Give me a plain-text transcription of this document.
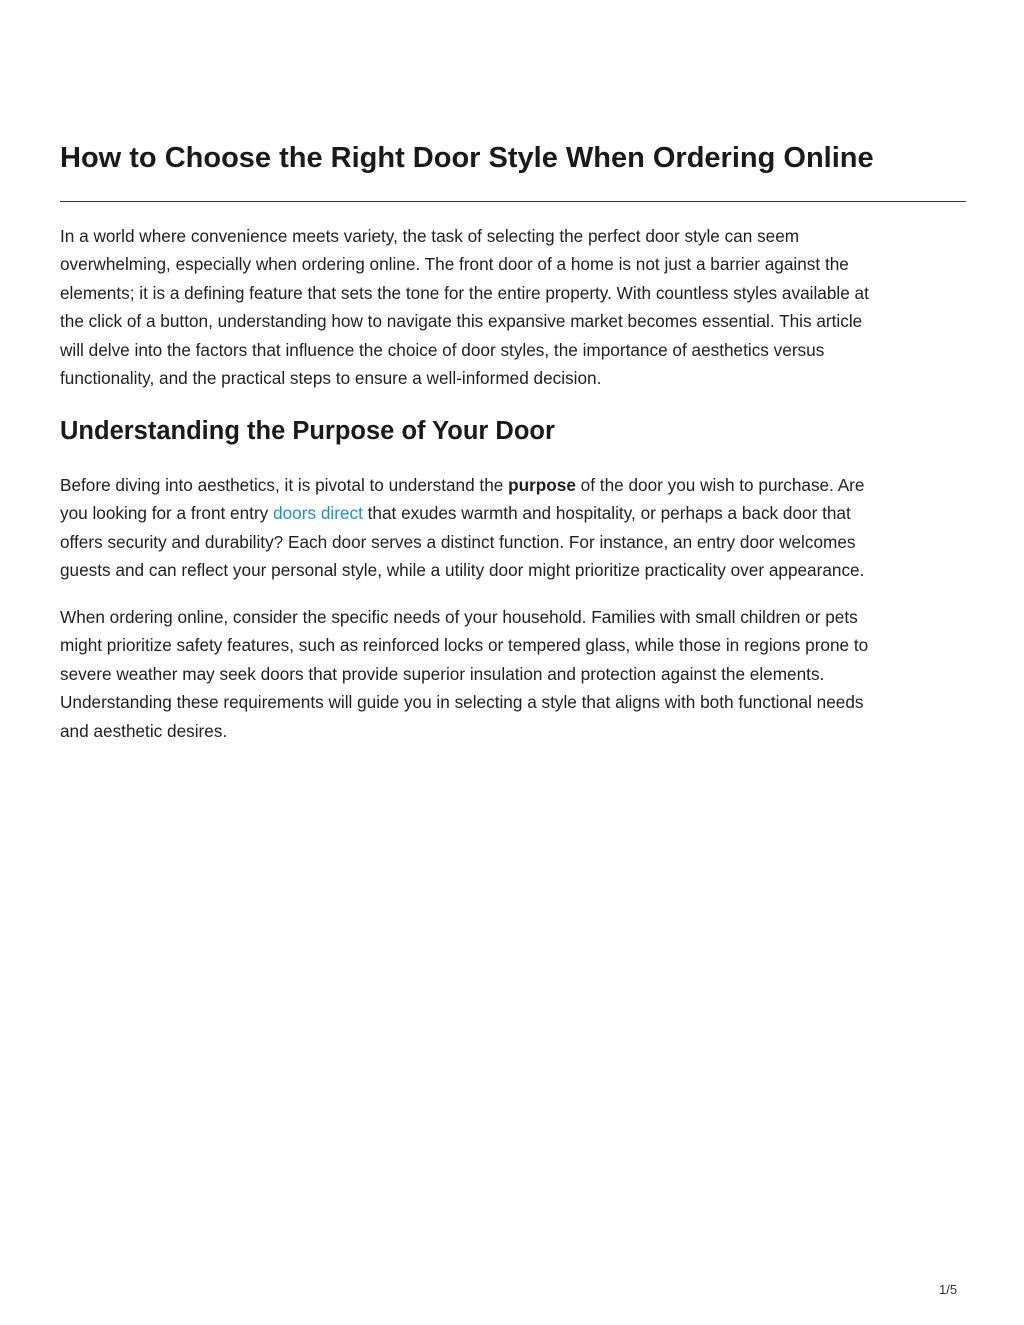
How to Choose the Right Door Style When Ordering Online

In a world where convenience meets variety, the task of selecting the perfect door style can seem
overwhelming, especially when ordering online. The front door of a home is not just a barrier against the
elements; it is a defining feature that sets the tone for the entire property. With countless styles available at
the click of a button, understanding how to navigate this expansive market becomes essential. This article
will delve into the factors that influence the choice of door styles, the importance of aesthetics versus
functionality, and the practical steps to ensure a well-informed decision.

Understanding the Purpose of Your Door

Before diving into aesthetics, it is pivotal to understand the purpose of the door you wish to purchase. Are
you looking for a front entry doors direct that exudes warmth and hospitality, or perhaps a back door that
offers security and durability? Each door serves a distinct function. For instance, an entry door welcomes
guests and can reflect your personal style, while a utility door might prioritize practicality over appearance.

When ordering online, consider the specific needs of your household. Families with small children or pets
might prioritize safety features, such as reinforced locks or tempered glass, while those in regions prone to
severe weather may seek doors that provide superior insulation and protection against the elements.
Understanding these requirements will guide you in selecting a style that aligns with both functional needs
and aesthetic desires.

1/5
